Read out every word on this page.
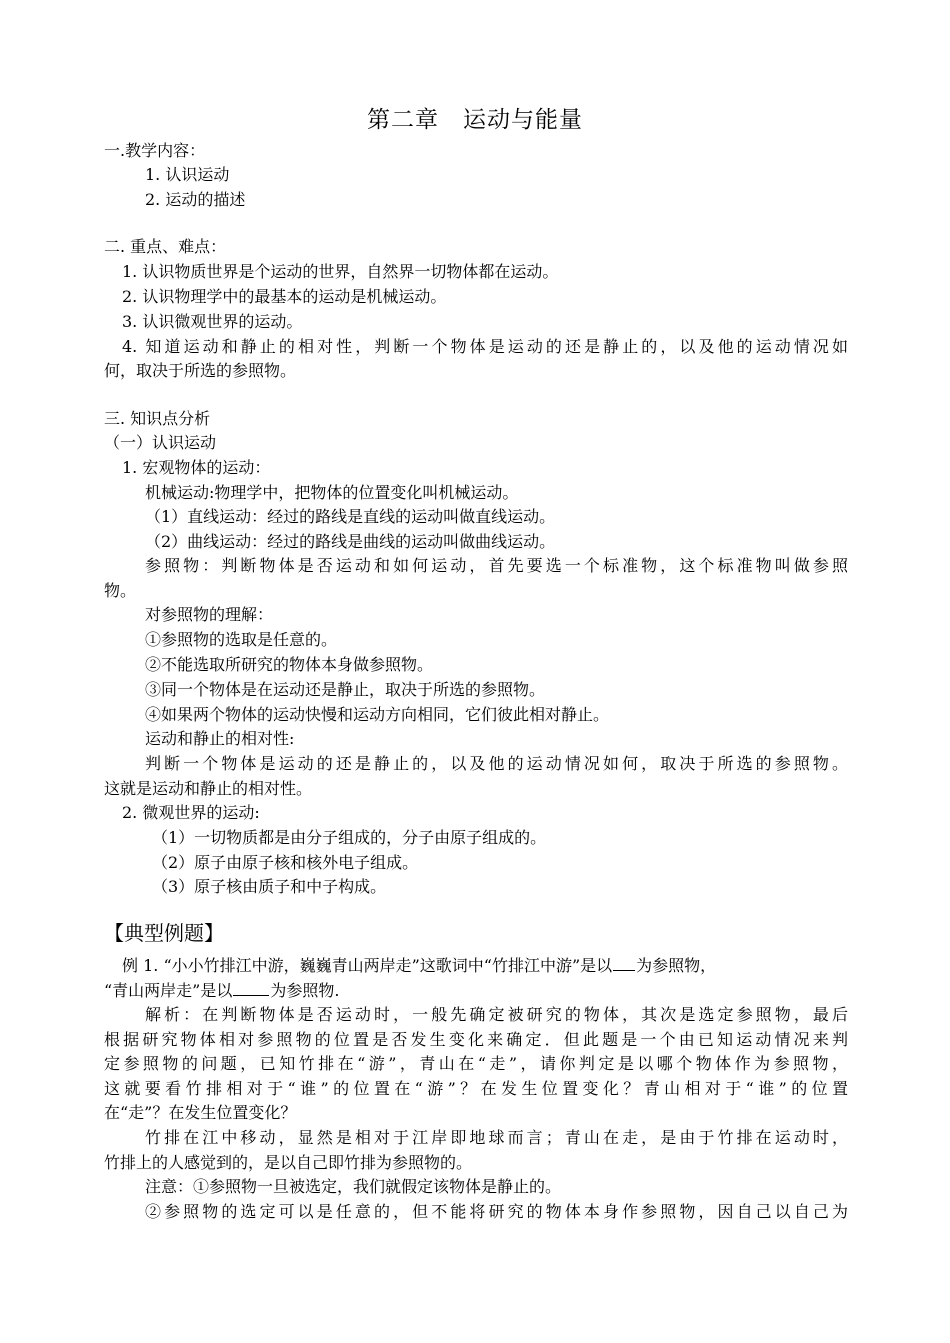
第二章　运动与能量
一.教学内容：
1. 认识运动
2. 运动的描述
二. 重点、难点：
1. 认识物质世界是个运动的世界，自然界一切物体都在运动。
2. 认识物理学中的最基本的运动是机械运动。
3. 认识微观世界的运动。
4. 知道运动和静止的相对性，判断一个物体是运动的还是静止的，以及他的运动情况如
何，取决于所选的参照物。
三. 知识点分析
（一）认识运动
1. 宏观物体的运动：
机械运动:物理学中，把物体的位置变化叫机械运动。
（1）直线运动：经过的路线是直线的运动叫做直线运动。
（2）曲线运动：经过的路线是曲线的运动叫做曲线运动。
参照物：判断物体是否运动和如何运动，首先要选一个标准物，这个标准物叫做参照
物。
对参照物的理解：
①参照物的选取是任意的。
②不能选取所研究的物体本身做参照物。
③同一个物体是在运动还是静止，取决于所选的参照物。
④如果两个物体的运动快慢和运动方向相同，它们彼此相对静止。
运动和静止的相对性:
判断一个物体是运动的还是静止的，以及他的运动情况如何，取决于所选的参照物。
这就是运动和静止的相对性。
2. 微观世界的运动:
（1）一切物质都是由分子组成的，分子由原子组成的。
（2）原子由原子核和核外电子组成。
（3）原子核由质子和中子构成。
【典型例题】
例 1. “小小竹排江中游，巍巍青山两岸走”这歌词中“竹排江中游”是以 为参照物，
“青山两岸走”是以 为参照物.
解析：在判断物体是否运动时，一般先确定被研究的物体，其次是选定参照物，最后
根据研究物体相对参照物的位置是否发生变化来确定．但此题是一个由已知运动情况来判
定参照物的问题，已知竹排在“游”，青山在“走”，请你判定是以哪个物体作为参照物，
这就要看竹排相对于“谁”的位置在“游”？在发生位置变化？青山相对于“谁”的位置
在“走”？在发生位置变化？
竹排在江中移动，显然是相对于江岸即地球而言；青山在走，是由于竹排在运动时，
竹排上的人感觉到的，是以自己即竹排为参照物的。
注意：①参照物一旦被选定，我们就假定该物体是静止的。
②参照物的选定可以是任意的，但不能将研究的物体本身作参照物，因自己以自己为
